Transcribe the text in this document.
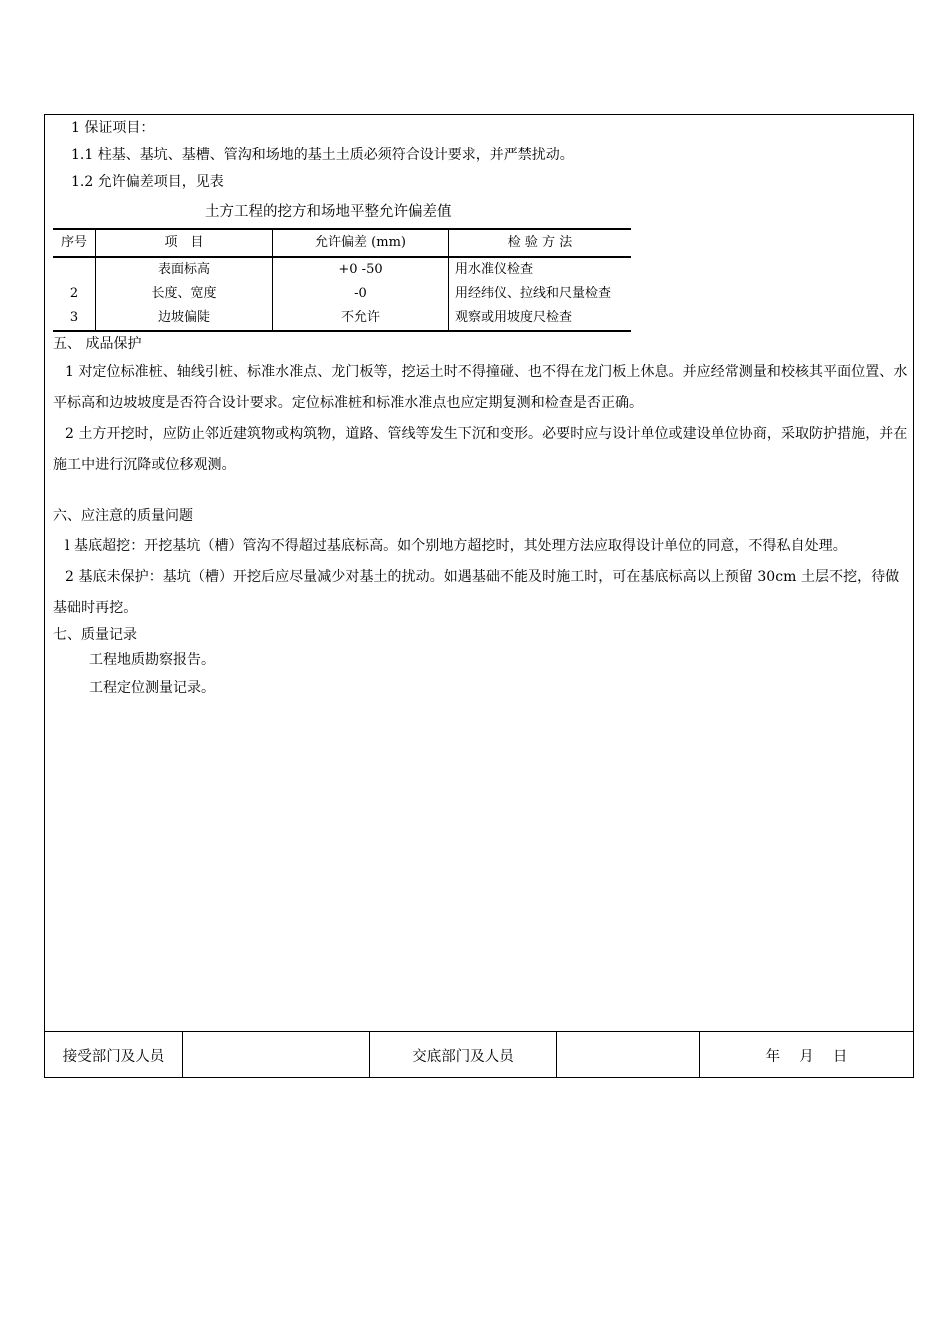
1 保证项目：
1.1 柱基、基坑、基槽、管沟和场地的基土土质必须符合设计要求，并严禁扰动。
1.2 允许偏差项目，见表
土方工程的挖方和场地平整允许偏差值
序号	项　目	允许偏差 (mm)	检 验 方 法
	表面标高	+0 -50	用水准仪检查
2	长度、宽度	-0	用经纬仪、拉线和尺量检查
3	边坡偏陡	不允许	观察或用坡度尺检查
五、 成品保护
1 对定位标准桩、轴线引桩、标准水准点、龙门板等，挖运土时不得撞碰、也不得在龙门板上休息。并应经常测量和校核其平面位置、水平标高和边坡坡度是否符合设计要求。定位标准桩和标准水准点也应定期复测和检查是否正确。
2 土方开挖时，应防止邻近建筑物或构筑物，道路、管线等发生下沉和变形。必要时应与设计单位或建设单位协商，采取防护措施，并在施工中进行沉降或位移观测。
六、应注意的质量问题
l 基底超挖：开挖基坑（槽）管沟不得超过基底标高。如个别地方超挖时，其处理方法应取得设计单位的同意，不得私自处理。
2 基底未保护：基坑（槽）开挖后应尽量减少对基土的扰动。如遇基础不能及时施工时，可在基底标高以上预留 30cm 土层不挖，待做基础时再挖。
七、质量记录
工程地质勘察报告。
工程定位测量记录。
接受部门及人员	交底部门及人员	年　 月　 日
